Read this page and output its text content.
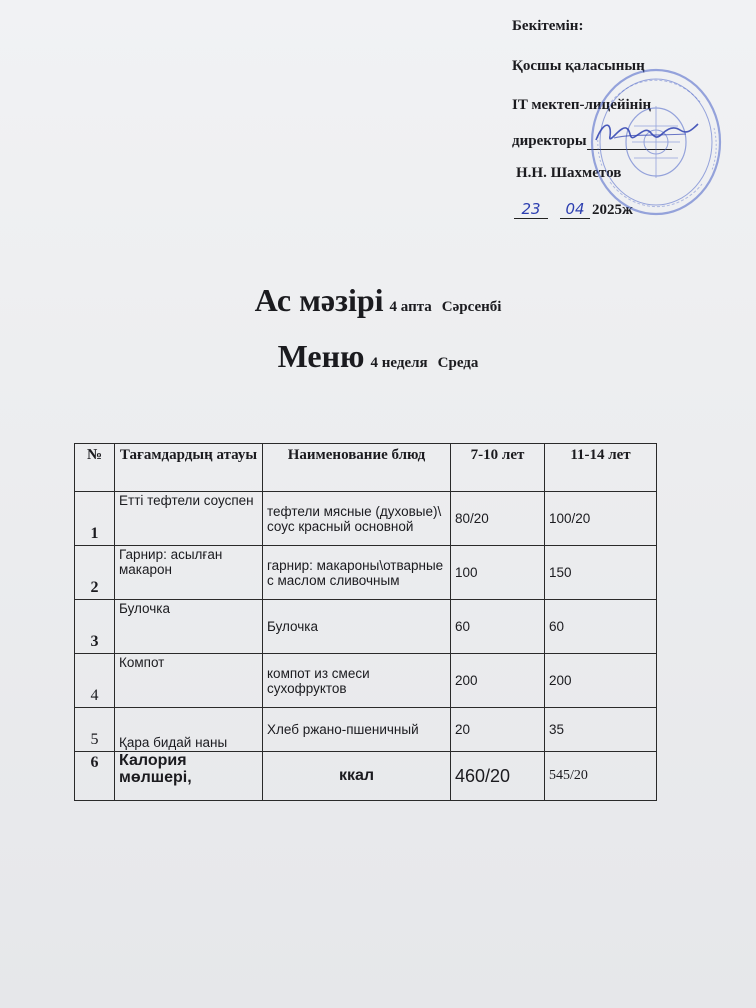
Бекітемін:
Қосшы қаласының
IT мектеп-лицейінің
директоры
Н.Н. Шахметов
23 04 2025ж
Ас мәзірі 4 апта Сәрсенбі
Меню 4 неделя Среда
№	Тағамдардың атауы	Наименование блюд	7-10 лет	11-14 лет
1	Етті тефтели соуспен	тефтели мясные (духовые)\ соус красный основной	80/20	100/20
2	Гарнир: асылған макарон	гарнир: макароны\отварные с маслом сливочным	100	150
3	Булочка	Булочка	60	60
4	Компот	компот из смеси сухофруктов	200	200
5	Қара бидай наны	Хлеб ржано-пшеничный	20	35
6	Калория мөлшері,	ккал	460/20	545/20
